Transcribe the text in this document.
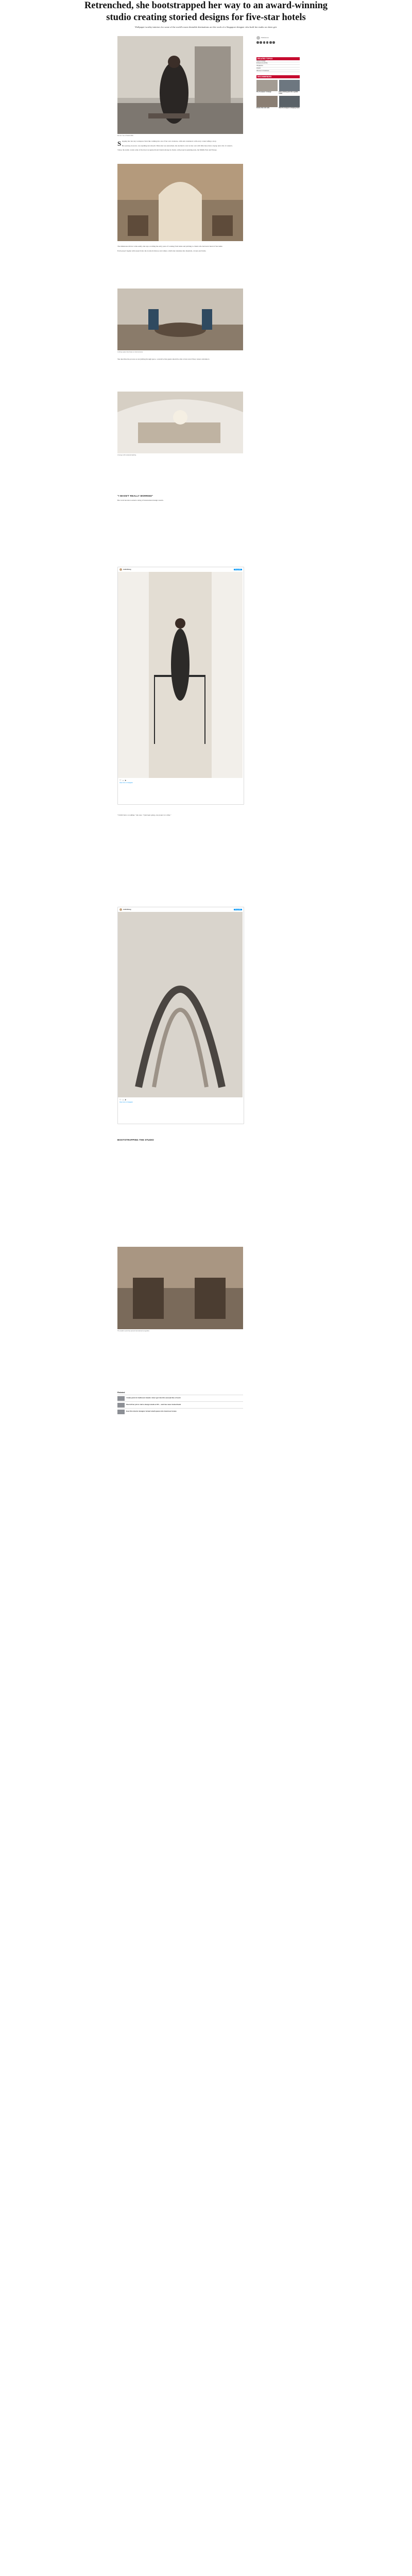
Retrenched, she bootstrapped her way to an award-winning studio creating storied designs for five-star hotels
Wallpaper-worthy interiors for some of the world's most desirable destinations are the work of a Singapore designer who built her studio on sheer grit.
Ms Ann Yeo of Studio HBA.
Published on
RELATED TOPICS
Interior design
Entrepreneurship
Singapore
Hotels
Women in business
RECOMMENDED
The 'Ice Queen' of design	How a startup grew into a global brand
Inside a five-star suite	Meet the designer reshaping hotels

Stepping into her airy workspace feels like walking into one of her own creations, calm and considered, with every corner telling a story.

Her journey, however, was anything but smooth. When she was retrenched, she decided to start on her own with little more than a laptop and a list of contacts.

Today, the studio counts some of the most recognised hotel brands among its clients, with projects spanning Asia, the Middle East and Europe.

The milestones did not come easily, she says, recalling the early years of working from home and pitching to clients who had never heard of her name.

Each project begins with research into the location's history and culture, which she translates into materials, colours and forms.

A dining space that draws on local textures.

She describes the process as storytelling through space, a narrative that guests should be able to feel even if they cannot articulate it.

A lounge with sculptural lighting.
"I WASN'T REALLY WORRIED"

Her work has since earned a string of international design awards.

studiohbasg	View profile
♡ ○ ➤
View more on Instagram

"I didn't have a roadmap," she says. "I just kept going, one project at a time."

studiohbasg	View profile
♡ ○ ➤
View more on Instagram
BOOTSTRAPPING THE STUDIO
The studio's work has earned international recognition.
Related
I make parts for bathroom brands: How I got into this unusual line of work
She left her job to start a design studio at 30 — and has never looked back
How this interior designer turned small spaces into luxurious homes
